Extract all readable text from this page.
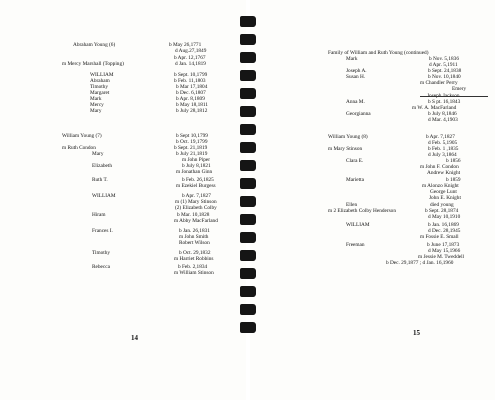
Abraham Young (6)	b May 26,1771
d Aug.27,1849
b Apr. 12,1767
m Mercy Marshall (Topping)	d Jan. 14,1819
WILLIAM	b Sept. 10,1799
Abraham	b Feb. 11,1803
Timothy	b Mar 17,1804
Margaret	b Dec. 6,1807
Mark	b Apr. 8,1809
Mercy	b May 18,1811
Mary	b July 28,1812
William Young (7)	b Sept 10,1799
b Oct. 19,1799
m Ruth Condon	b Sept. 21,1819
Mary	b July 21,1819
m John Piper
Elizabeth	b July 8,1821
m Jonathan Ginn
Ruth T.	b Feb. 26,1825
m Ezekiel Burgess
WILLIAM	b Apr. 7,1827
m (1) Mary Stinson
(2) Elizabeth Colby
Hiram	b Mar. 10,1828
m Abby MacFarland
Frances I.	b Jan. 26,1831
m John Smith
Robert Wilson
Timothy	b Oct. 29,1832
m Harriet Robbins
Rebecca	b Feb. 2,1834
m William Stinson
Family of William and Ruth Young (continued)
Mark	b Nov. 5,1836
d Apr. 5,1911
Joseph A.	b Sept. 24,1838
Susan H.	b Nov. 10,1840
m Chandler Perry
Emery
Joseph Jackson
Anna M.	b S pt. 16,1843
m W. A. MacFarland
Georgianna	b July 8,1846
d Mar. 4,1903
William Young (8)	b Apr. 7,1827
d Feb. 5,1905
m Mary Stinson	b Feb. 1 ,1835
d July 3,1864
Clara E.	b 1856
m John F. Condon
Andrew Knight
Marietta	b 1859
m Alonzo Knight
George Lunt
John E. Knight
Ellen	died young
m 2 Elizabeth Colby Henderson	b Sept. 28,1874
d May 10,1910
WILLIAM	b Jan. 16,1869
d Dec. 28,1945
m Fossie E. Small
Freeman	b June 17,1873
d May 15,1966
m Jessie M. Tweddell
b Dec. 29,1877 ; d Jan. 16,1960
14
15
